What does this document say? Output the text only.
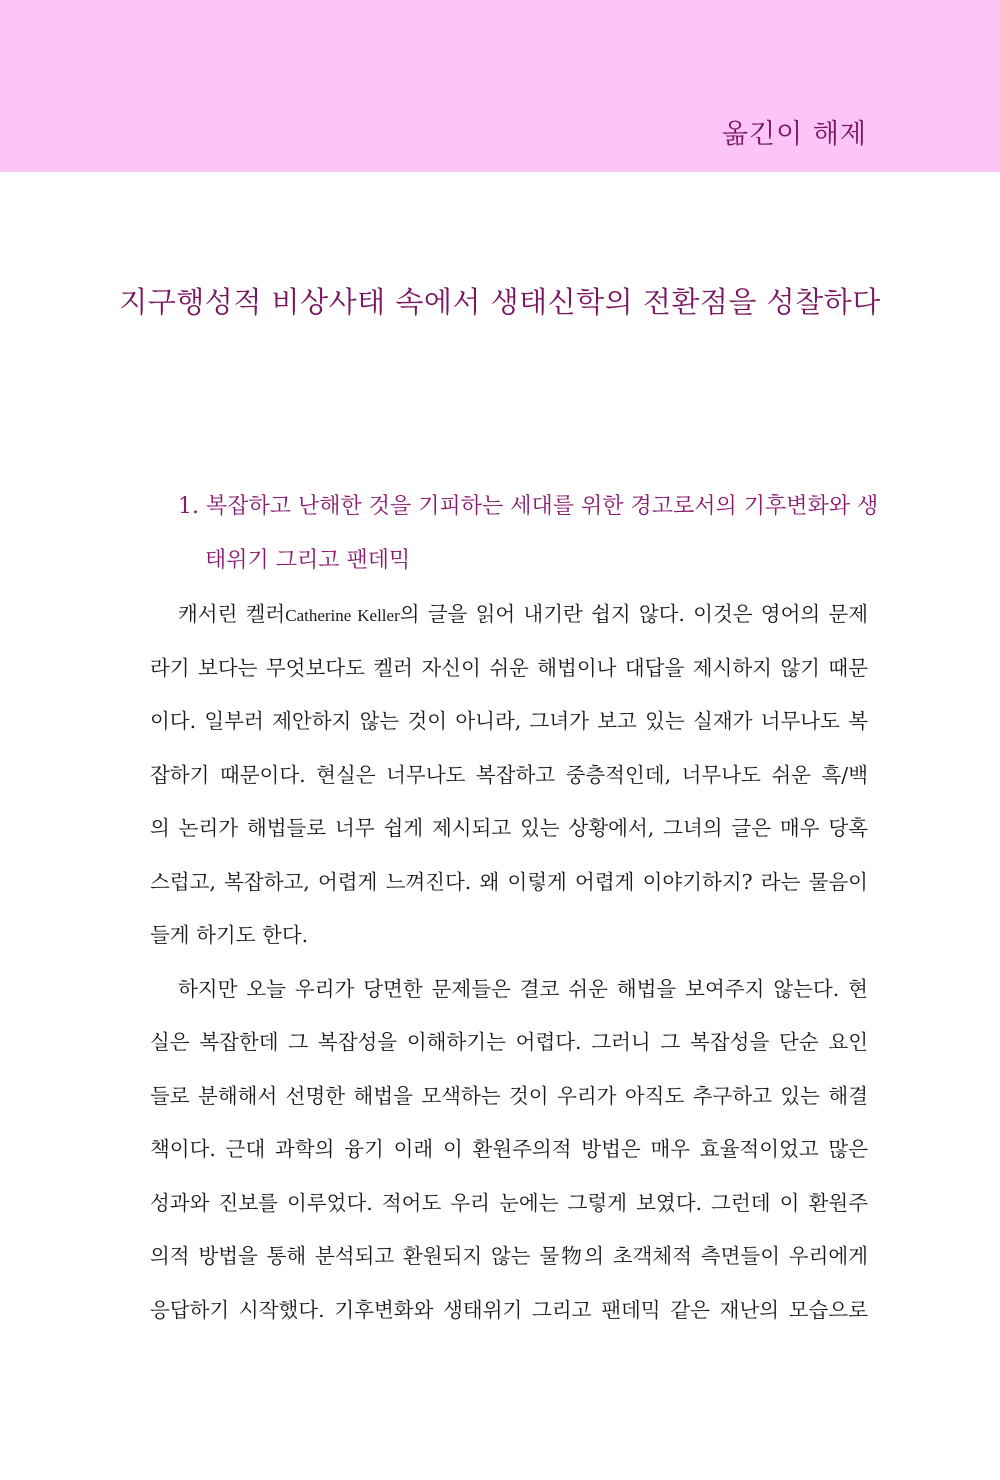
옮긴이 해제
지구행성적 비상사태 속에서 생태신학의 전환점을 성찰하다
1. 복잡하고 난해한 것을 기피하는 세대를 위한 경고로서의 기후변화와 생
태위기 그리고 팬데믹
캐서린 켈러Catherine Keller의 글을 읽어 내기란 쉽지 않다. 이것은 영어의 문제
라기 보다는 무엇보다도 켈러 자신이 쉬운 해법이나 대답을 제시하지 않기 때문
이다. 일부러 제안하지 않는 것이 아니라, 그녀가 보고 있는 실재가 너무나도 복
잡하기 때문이다. 현실은 너무나도 복잡하고 중층적인데, 너무나도 쉬운 흑/백
의 논리가 해법들로 너무 쉽게 제시되고 있는 상황에서, 그녀의 글은 매우 당혹
스럽고, 복잡하고, 어렵게 느껴진다. 왜 이렇게 어렵게 이야기하지? 라는 물음이
들게 하기도 한다.
하지만 오늘 우리가 당면한 문제들은 결코 쉬운 해법을 보여주지 않는다. 현
실은 복잡한데 그 복잡성을 이해하기는 어렵다. 그러니 그 복잡성을 단순 요인
들로 분해해서 선명한 해법을 모색하는 것이 우리가 아직도 추구하고 있는 해결
책이다. 근대 과학의 융기 이래 이 환원주의적 방법은 매우 효율적이었고 많은
성과와 진보를 이루었다. 적어도 우리 눈에는 그렇게 보였다. 그런데 이 환원주
의적 방법을 통해 분석되고 환원되지 않는 물物의 초객체적 측면들이 우리에게
응답하기 시작했다. 기후변화와 생태위기 그리고 팬데믹 같은 재난의 모습으로
